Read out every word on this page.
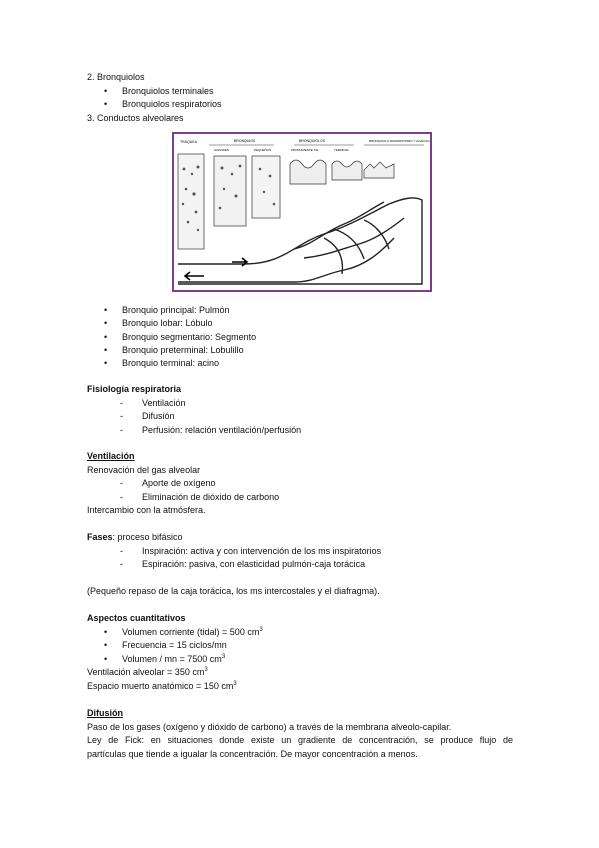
2. Bronquiolos
• Bronquiolos terminales
• Bronquiolos respiratorios
3. Conductos alveolares
TRÁQUEA	BRONQUIOS
GRANDES	PEQUEÑOS
BRONQUIOLOS
PROPIAMENTE TAL	TERMINAL
BRONQUIOLO RESPIRATORIO Y ALVÉOLOS
• Bronquio principal: Pulmón
• Bronquio lobar: Lóbulo
• Bronquio segmentario: Segmento
• Bronquio preterminal: Lobulillo
• Bronquio terminal: acino
Fisiología respiratoria
- Ventilación
- Difusión
- Perfusión: relación ventilación/perfusión
Ventilación
Renovación del gas alveolar
- Aporte de oxígeno
- Eliminación de dióxido de carbono
Intercambio con la atmósfera.
Fases: proceso bifásico
- Inspiración: activa y con intervención de los ms inspiratorios
- Espiración: pasiva, con elasticidad pulmón-caja torácica
(Pequeño repaso de la caja torácica, los ms intercostales y el diafragma).
Aspectos cuantitativos
• Volumen corriente (tidal) = 500 $cm^3$
• Frecuencia = 15 ciclos/mn
• Volumen / mn = 7500 $cm^3$
Ventilación alveolar = 350 $cm^3$
Espacio muerto anatómico = 150 $cm^3$
Difusión
Paso de los gases (oxígeno y dióxido de carbono) a través de la membrana alveolo-capilar.
Ley de Fick: en situaciones donde existe un gradiente de concentración, se produce flujo de
partículas que tiende a igualar la concentración. De mayor concentración a menos.
